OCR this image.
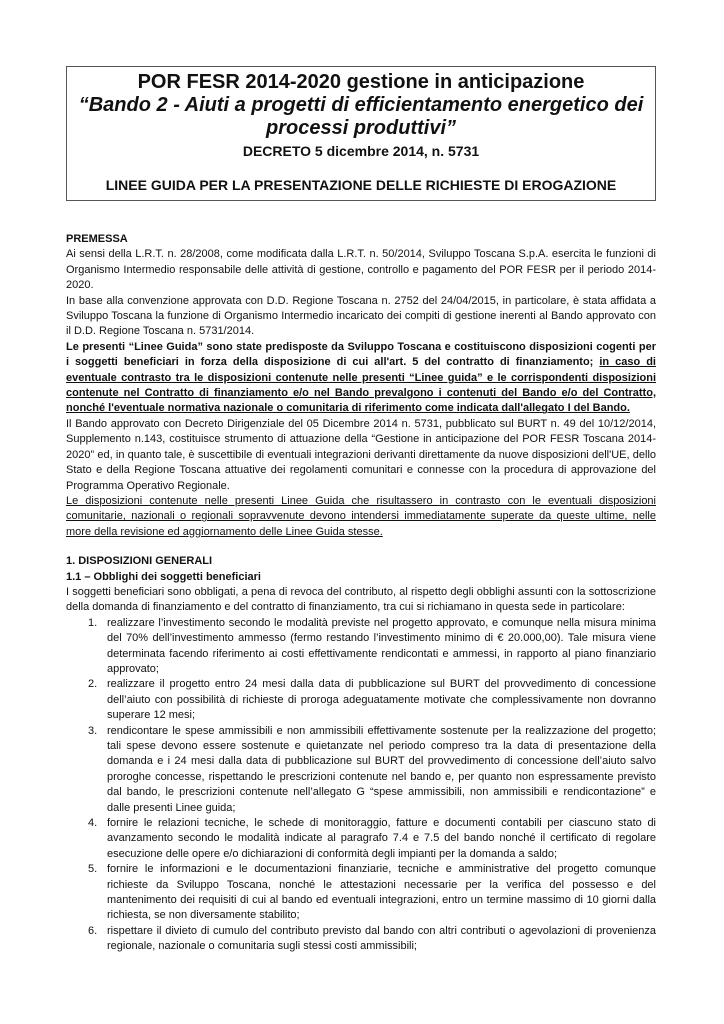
POR FESR 2014-2020 gestione in anticipazione
“Bando 2 - Aiuti a progetti di efficientamento energetico dei processi produttivi”
DECRETO 5 dicembre 2014, n. 5731
LINEE GUIDA PER LA PRESENTAZIONE DELLE RICHIESTE DI EROGAZIONE

PREMESSA

Ai sensi della L.R.T. n. 28/2008, come modificata dalla L.R.T. n. 50/2014, Sviluppo Toscana S.p.A. esercita le funzioni di Organismo Intermedio responsabile delle attività di gestione, controllo e pagamento del POR FESR per il periodo 2014-2020.

In base alla convenzione approvata con D.D. Regione Toscana n. 2752 del 24/04/2015, in particolare, è stata affidata a Sviluppo Toscana la funzione di Organismo Intermedio incaricato dei compiti di gestione inerenti al Bando approvato con il D.D. Regione Toscana n. 5731/2014.

Le presenti “Linee Guida” sono state predisposte da Sviluppo Toscana e costituiscono disposizioni cogenti per i soggetti beneficiari in forza della disposizione di cui all'art. 5 del contratto di finanziamento; in caso di eventuale contrasto tra le disposizioni contenute nelle presenti “Linee guida” e le corrispondenti disposizioni contenute nel Contratto di finanziamento e/o nel Bando prevalgono i contenuti del Bando e/o del Contratto, nonché l'eventuale normativa nazionale o comunitaria di riferimento come indicata dall'allegato I del Bando.

Il Bando approvato con Decreto Dirigenziale del 05 Dicembre 2014 n. 5731, pubblicato sul BURT n. 49 del 10/12/2014, Supplemento n.143, costituisce strumento di attuazione della “Gestione in anticipazione del POR FESR Toscana 2014-2020” ed, in quanto tale, è suscettibile di eventuali integrazioni derivanti direttamente da nuove disposizioni dell'UE, dello Stato e della Regione Toscana attuative dei regolamenti comunitari e connesse con la procedura di approvazione del Programma Operativo Regionale.

Le disposizioni contenute nelle presenti Linee Guida che risultassero in contrasto con le eventuali disposizioni comunitarie, nazionali o regionali sopravvenute devono intendersi immediatamente superate da queste ultime, nelle more della revisione ed aggiornamento delle Linee Guida stesse.

1. DISPOSIZIONI GENERALI

1.1 – Obblighi dei soggetti beneficiari

I soggetti beneficiari sono obbligati, a pena di revoca del contributo, al rispetto degli obblighi assunti con la sottoscrizione della domanda di finanziamento e del contratto di finanziamento, tra cui si richiamano in questa sede in particolare:

1. realizzare l’investimento secondo le modalità previste nel progetto approvato, e comunque nella misura minima del 70% dell’investimento ammesso (fermo restando l’investimento minimo di € 20.000,00). Tale misura viene determinata facendo riferimento ai costi effettivamente rendicontati e ammessi, in rapporto al piano finanziario approvato;
2. realizzare il progetto entro 24 mesi dalla data di pubblicazione sul BURT del provvedimento di concessione dell’aiuto con possibilità di richieste di proroga adeguatamente motivate che complessivamente non dovranno superare 12 mesi;
3. rendicontare le spese ammissibili e non ammissibili effettivamente sostenute per la realizzazione del progetto; tali spese devono essere sostenute e quietanzate nel periodo compreso tra la data di presentazione della domanda e i 24 mesi dalla data di pubblicazione sul BURT del provvedimento di concessione dell’aiuto salvo proroghe concesse, rispettando le prescrizioni contenute nel bando e, per quanto non espressamente previsto dal bando, le prescrizioni contenute nell’allegato G “spese ammissibili, non ammissibili e rendicontazione” e dalle presenti Linee guida;
4. fornire le relazioni tecniche, le schede di monitoraggio, fatture e documenti contabili per ciascuno stato di avanzamento secondo le modalità indicate al paragrafo 7.4 e 7.5 del bando nonché il certificato di regolare esecuzione delle opere e/o dichiarazioni di conformità degli impianti per la domanda a saldo;
5. fornire le informazioni e le documentazioni finanziarie, tecniche e amministrative del progetto comunque richieste da Sviluppo Toscana, nonché le attestazioni necessarie per la verifica del possesso e del mantenimento dei requisiti di cui al bando ed eventuali integrazioni, entro un termine massimo di 10 giorni dalla richiesta, se non diversamente stabilito;
6. rispettare il divieto di cumulo del contributo previsto dal bando con altri contributi o agevolazioni di provenienza regionale, nazionale o comunitaria sugli stessi costi ammissibili;
